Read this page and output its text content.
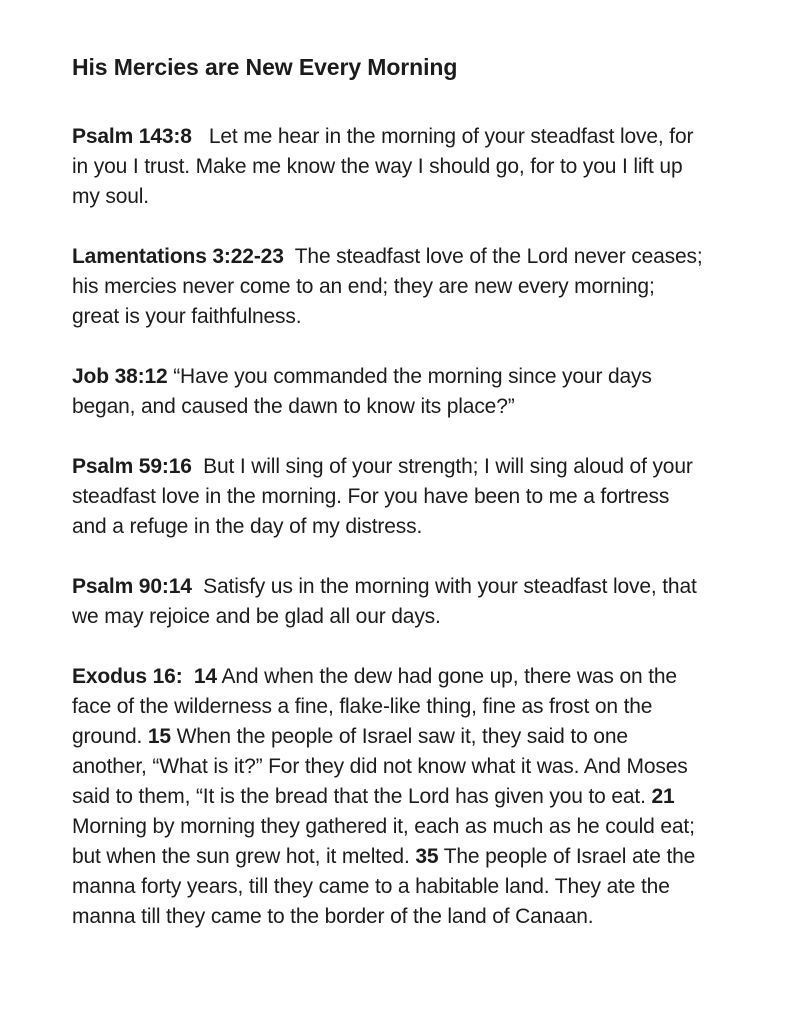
His Mercies are New Every Morning

Psalm 143:8   Let me hear in the morning of your steadfast love, for in you I trust. Make me know the way I should go, for to you I lift up my soul.

Lamentations 3:22-23  The steadfast love of the Lord never ceases; his mercies never come to an end; they are new every morning; great is your faithfulness.

Job 38:12 “Have you commanded the morning since your days began, and caused the dawn to know its place?”

Psalm 59:16  But I will sing of your strength; I will sing aloud of your steadfast love in the morning. For you have been to me a fortress and a refuge in the day of my distress.

Psalm 90:14  Satisfy us in the morning with your steadfast love, that we may rejoice and be glad all our days.

Exodus 16:  14 And when the dew had gone up, there was on the face of the wilderness a fine, flake-like thing, fine as frost on the ground. 15 When the people of Israel saw it, they said to one another, “What is it?” For they did not know what it was. And Moses said to them, “It is the bread that the Lord has given you to eat. 21 Morning by morning they gathered it, each as much as he could eat; but when the sun grew hot, it melted. 35 The people of Israel ate the manna forty years, till they came to a habitable land. They ate the manna till they came to the border of the land of Canaan.
